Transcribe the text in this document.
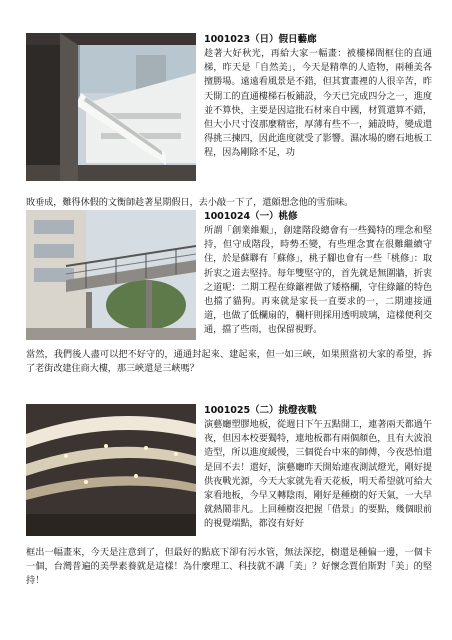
1001023（日）假日藝廊
趁著大好秋光，再給大家一幅畫：被樓梯間框住的直通梯，昨天是「自然美」，今天是精準的人造物，兩種美各擅勝場。遠遠看風景是不錯，但其實畫裡的人很辛苦，昨天開工的直通樓梯石板鋪設，今天已完成四分之一，進度並不算快，主要是因這批石材來自中國，材質還算不錯，但大小尺寸沒那麼精密，厚薄有些不一，鋪設時，變成還得挑三揀四，因此進度就受了影響。濕冰場的磨石地板工程，因為剛除不足，功
敗垂成，難得休假的文衡師趁著星期假日，去小敲一下了，還頗想念他的雪茄味。
1001024（一）桃修
所謂「創業維艱」，創建階段總會有一些獨特的理念和堅持，但守成階段，時勢丕變，有些理念實在很難繼續守住，於是蘇聯有「蘇修」，桃子腳也會有一些「桃修」：取折衷之道去堅持。每年雙堅守的，首先就是無圍牆，折衷之道呢：二期工程在綠籬裡做了矮格欄，守住綠籬的特色也擋了貓狗。再來就是家長一直要求的一，二期連接通道，也做了低欄扇的，欄杆則採用透明玻璃，這樣便利交通，擋了些雨，也保留視野。
當然，我們後人盡可以把不好守的，通通封起來、建起來，但一如三峽，如果照當初大家的希望，拆了老街改建住商大樓，那三峽還是三峽嗎？
1001025（二）挑燈夜戰
演藝廳塑膠地板，從週日下午五點開工，連著兩天都過午夜，但因本校要獨特，連地板都有兩個顏色，且有大波浪造型，所以進度緩慢，三個從台中來的師傅，今夜恐怕還是回不去！還好，演藝廳昨天開始連夜測試燈光，剛好提供夜戰光源，今天大家就先看天花板，明天希望就可給大家看地板，今早又轉陰雨，剛好是種樹的好天氣，一大早就熱鬧非凡。上回種樹沒把握「借景」的要點，幾個眼前的視覺端點，都沒有好好
框出一幅畫來，今天是注意到了，但最好的點底下卻有污水管，無法深挖，樹還是種偏一邊，一個卡一個，台灣普遍的美學素養就是這樣！為什麼理工、科技就不講「美」？好懷念賈伯斯對「美」的堅持！
